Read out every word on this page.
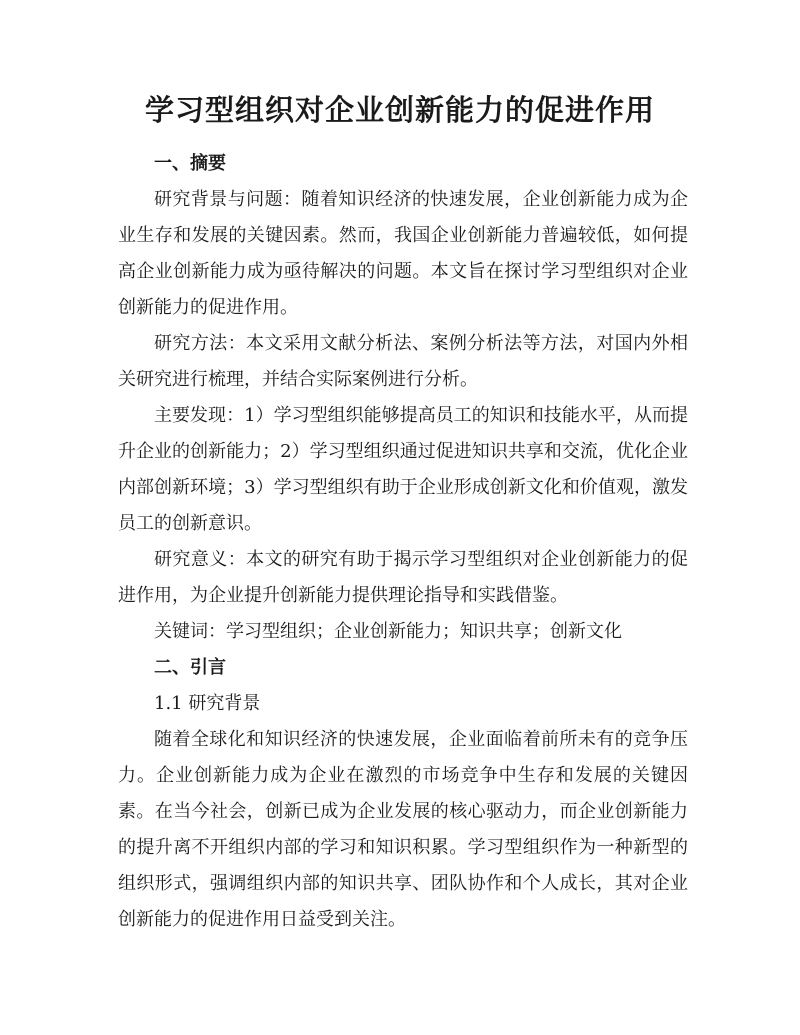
学习型组织对企业创新能力的促进作用
一、摘要

研究背景与问题：随着知识经济的快速发展，企业创新能力成为企业生存和发展的关键因素。然而，我国企业创新能力普遍较低，如何提高企业创新能力成为亟待解决的问题。本文旨在探讨学习型组织对企业创新能力的促进作用。

研究方法：本文采用文献分析法、案例分析法等方法，对国内外相关研究进行梳理，并结合实际案例进行分析。

主要发现：1）学习型组织能够提高员工的知识和技能水平，从而提升企业的创新能力；2）学习型组织通过促进知识共享和交流，优化企业内部创新环境；3）学习型组织有助于企业形成创新文化和价值观，激发员工的创新意识。

研究意义：本文的研究有助于揭示学习型组织对企业创新能力的促进作用，为企业提升创新能力提供理论指导和实践借鉴。

关键词：学习型组织；企业创新能力；知识共享；创新文化
二、引言
1.1 研究背景

随着全球化和知识经济的快速发展，企业面临着前所未有的竞争压力。企业创新能力成为企业在激烈的市场竞争中生存和发展的关键因素。在当今社会，创新已成为企业发展的核心驱动力，而企业创新能力的提升离不开组织内部的学习和知识积累。学习型组织作为一种新型的组织形式，强调组织内部的知识共享、团队协作和个人成长，其对企业创新能力的促进作用日益受到关注。
